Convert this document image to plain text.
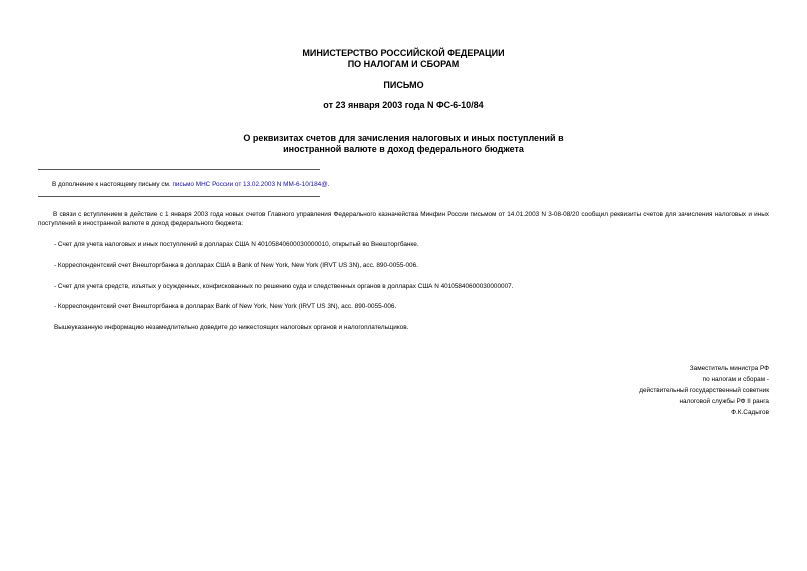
МИНИСТЕРСТВО РОССИЙСКОЙ ФЕДЕРАЦИИ
ПО НАЛОГАМ И СБОРАМ
ПИСЬМО
от 23 января 2003 года N ФС-6-10/84
О реквизитах счетов для зачисления налоговых и иных поступлений в
иностранной валюте в доход федерального бюджета
В дополнение к настоящему письму см. письмо МНС России от 13.02.2003 N ММ-6-10/184@.
В связи с вступлением в действие с 1 января 2003 года новых счетов Главного управления Федерального казначейства Минфин России письмом от 14.01.2003 N 3-08-08/20 сообщил реквизиты счетов для зачисления налоговых и иных поступлений в иностранной валюте в доход федерального бюджета:
- Счет для учета налоговых и иных поступлений в долларах США N 40105840600030000010, открытый во Внешторгбанке.
- Корреспондентский счет Внешторгбанка в долларах США в Bank of New York, New York (IRVT US 3N), асс. 890-0055-006.
- Счет для учета средств, изъятых у осужденных, конфискованных по решению суда и следственных органов в долларах США N 40105840600030000007.
- Корреспондентский счет Внешторгбанка в долларах Bank of New York, New York (IRVT US 3N), асс. 890-0055-006.
Вышеуказанную информацию незамедлительно доведите до нижестоящих налоговых органов и налогоплательщиков.
Заместитель министра РФ
по налогам и сборам -
действительный государственный советник
налоговой службы РФ II ранга
Ф.К.Садыгов
